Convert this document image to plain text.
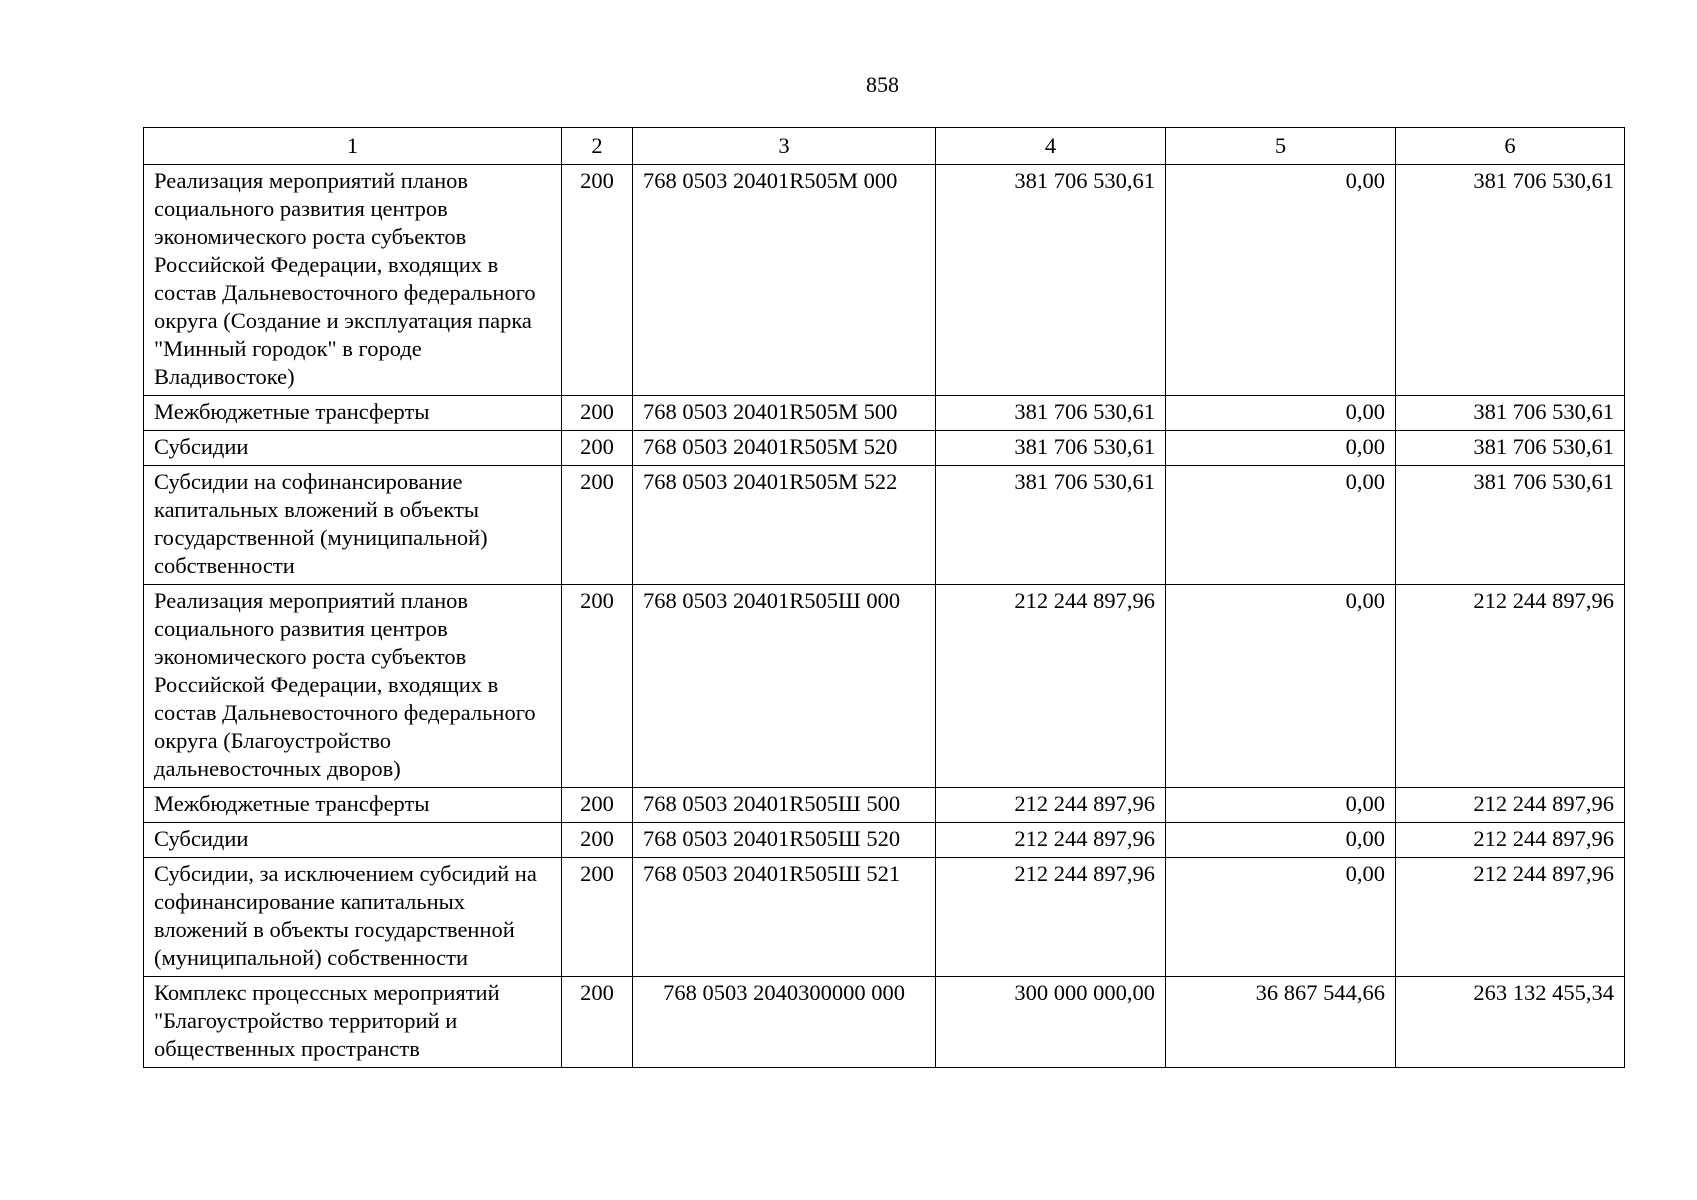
858
1	2	3	4	5	6
Реализация мероприятий планов социального развития центров экономического роста субъектов Российской Федерации, входящих в состав Дальневосточного федерального округа (Создание и эксплуатация парка "Минный городок" в городе Владивостоке)	200	768 0503 20401R505М 000	381 706 530,61	0,00	381 706 530,61
Межбюджетные трансферты	200	768 0503 20401R505М 500	381 706 530,61	0,00	381 706 530,61
Субсидии	200	768 0503 20401R505М 520	381 706 530,61	0,00	381 706 530,61
Субсидии на софинансирование капитальных вложений в объекты государственной (муниципальной) собственности	200	768 0503 20401R505М 522	381 706 530,61	0,00	381 706 530,61
Реализация мероприятий планов социального развития центров экономического роста субъектов Российской Федерации, входящих в состав Дальневосточного федерального округа (Благоустройство дальневосточных дворов)	200	768 0503 20401R505Ш 000	212 244 897,96	0,00	212 244 897,96
Межбюджетные трансферты	200	768 0503 20401R505Ш 500	212 244 897,96	0,00	212 244 897,96
Субсидии	200	768 0503 20401R505Ш 520	212 244 897,96	0,00	212 244 897,96
Субсидии, за исключением субсидий на софинансирование капитальных вложений в объекты государственной (муниципальной) собственности	200	768 0503 20401R505Ш 521	212 244 897,96	0,00	212 244 897,96
Комплекс процессных мероприятий "Благоустройство территорий и общественных пространств	200	768 0503 2040300000 000	300 000 000,00	36 867 544,66	263 132 455,34
